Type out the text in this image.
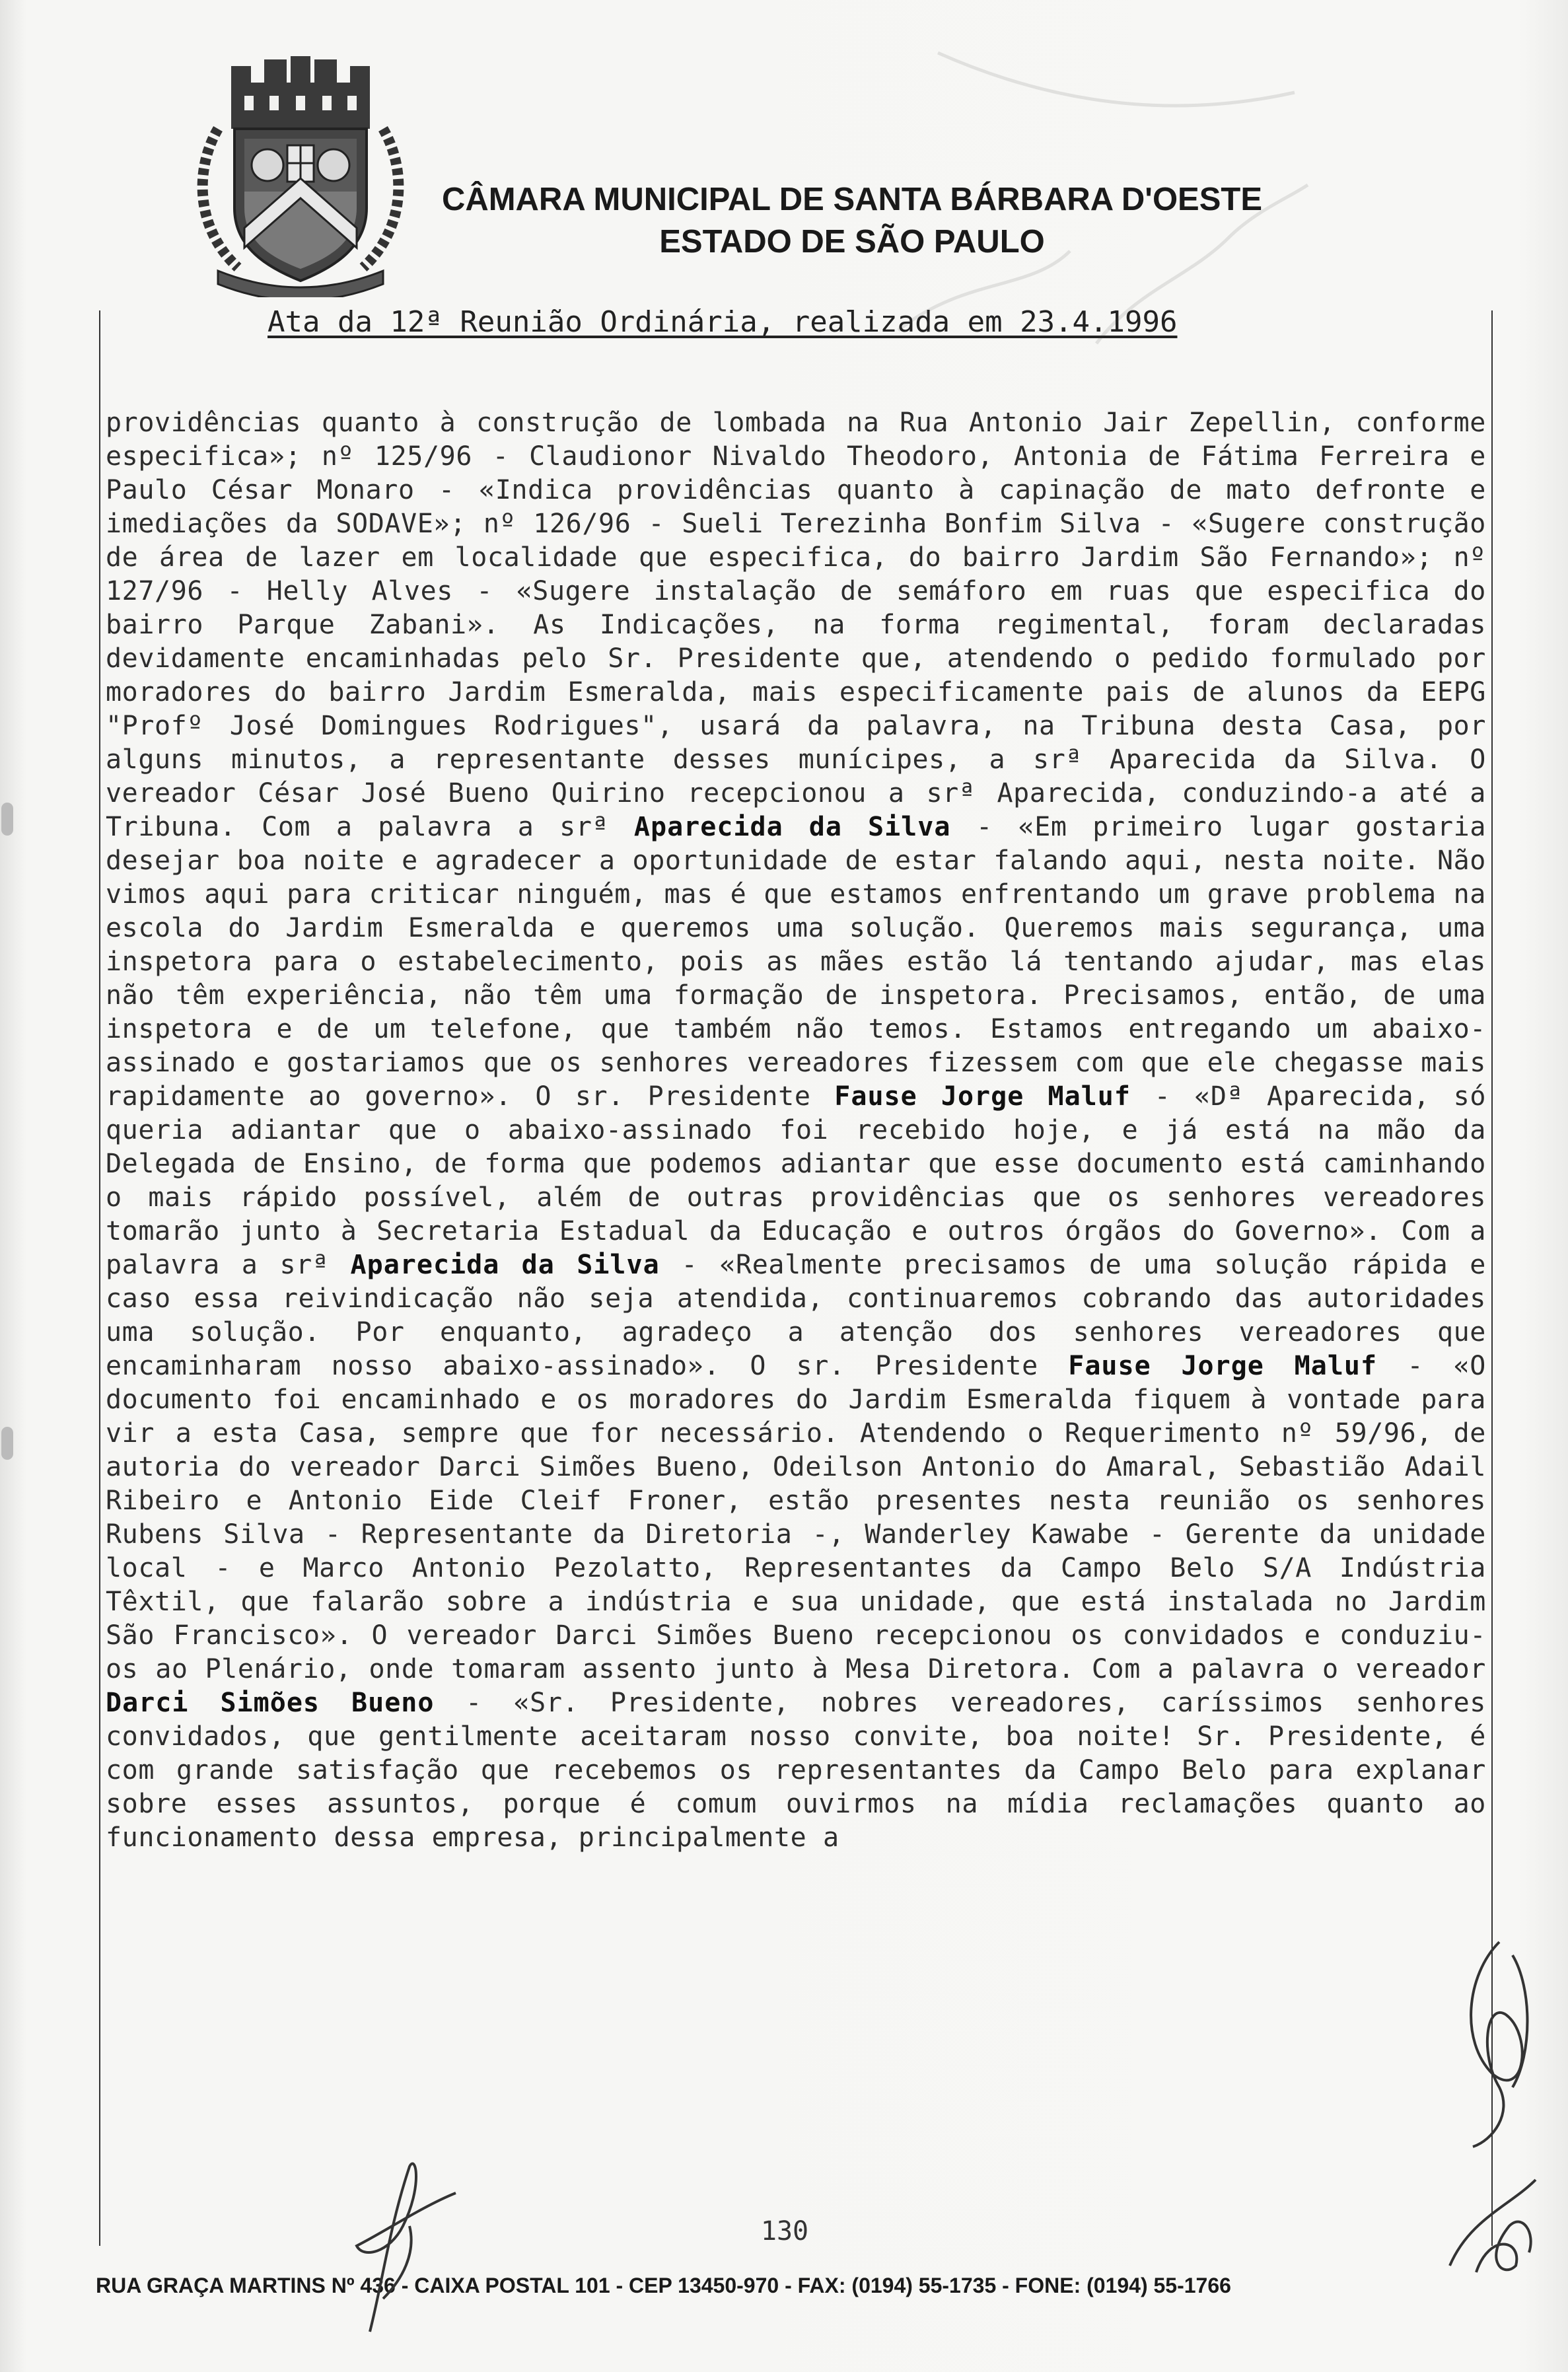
CÂMARA MUNICIPAL DE SANTA BÁRBARA D'OESTE
ESTADO DE SÃO PAULO
Ata da 12ª Reunião Ordinária, realizada em 23.4.1996

providências quanto à construção de lombada na Rua Antonio Jair Zepellin, conforme especifica»; nº 125/96 - Claudionor Nivaldo Theodoro, Antonia de Fátima Ferreira e Paulo César Monaro - «Indica providências quanto à capinação de mato defronte e imediações da SODAVE»; nº 126/96 - Sueli Terezinha Bonfim Silva - «Sugere construção de área de lazer em localidade que especifica, do bairro Jardim São Fernando»; nº 127/96 - Helly Alves - «Sugere instalação de semáforo em ruas que especifica do bairro Parque Zabani». As Indicações, na forma regimental, foram declaradas devidamente encaminhadas pelo Sr. Presidente que, atendendo o pedido formulado por moradores do bairro Jardim Esmeralda, mais especificamente pais de alunos da EEPG "Profº José Domingues Rodrigues", usará da palavra, na Tribuna desta Casa, por alguns minutos, a representante desses munícipes, a srª Aparecida da Silva. O vereador César José Bueno Quirino recepcionou a srª Aparecida, conduzindo-a até a Tribuna. Com a palavra a srª Aparecida da Silva - «Em primeiro lugar gostaria desejar boa noite e agradecer a oportunidade de estar falando aqui, nesta noite. Não vimos aqui para criticar ninguém, mas é que estamos enfrentando um grave problema na escola do Jardim Esmeralda e queremos uma solução. Queremos mais segurança, uma inspetora para o estabelecimento, pois as mães estão lá tentando ajudar, mas elas não têm experiência, não têm uma formação de inspetora. Precisamos, então, de uma inspetora e de um telefone, que também não temos. Estamos entregando um abaixo-assinado e gostariamos que os senhores vereadores fizessem com que ele chegasse mais rapidamente ao governo». O sr. Presidente Fause Jorge Maluf - «Dª Aparecida, só queria adiantar que o abaixo-assinado foi recebido hoje, e já está na mão da Delegada de Ensino, de forma que podemos adiantar que esse documento está caminhando o mais rápido possível, além de outras providências que os senhores vereadores tomarão junto à Secretaria Estadual da Educação e outros órgãos do Governo». Com a palavra a srª Aparecida da Silva - «Realmente precisamos de uma solução rápida e caso essa reivindicação não seja atendida, continuaremos cobrando das autoridades uma solução. Por enquanto, agradeço a atenção dos senhores vereadores que encaminharam nosso abaixo-assinado». O sr. Presidente Fause Jorge Maluf - «O documento foi encaminhado e os moradores do Jardim Esmeralda fiquem à vontade para vir a esta Casa, sempre que for necessário. Atendendo o Requerimento nº 59/96, de autoria do vereador Darci Simões Bueno, Odeilson Antonio do Amaral, Sebastião Adail Ribeiro e Antonio Eide Cleif Froner, estão presentes nesta reunião os senhores Rubens Silva - Representante da Diretoria -, Wanderley Kawabe - Gerente da unidade local - e Marco Antonio Pezolatto, Representantes da Campo Belo S/A Indústria Têxtil, que falarão sobre a indústria e sua unidade, que está instalada no Jardim São Francisco». O vereador Darci Simões Bueno recepcionou os convidados e conduziu-os ao Plenário, onde tomaram assento junto à Mesa Diretora. Com a palavra o vereador Darci Simões Bueno - «Sr. Presidente, nobres vereadores, caríssimos senhores convidados, que gentilmente aceitaram nosso convite, boa noite! Sr. Presidente, é com grande satisfação que recebemos os representantes da Campo Belo para explanar sobre esses assuntos, porque é comum ouvirmos na mídia reclamações quanto ao funcionamento dessa empresa, principalmente a

130
RUA GRAÇA MARTINS Nº 436 - CAIXA POSTAL 101 - CEP 13450-970 - FAX: (0194) 55-1735 - FONE: (0194) 55-1766
